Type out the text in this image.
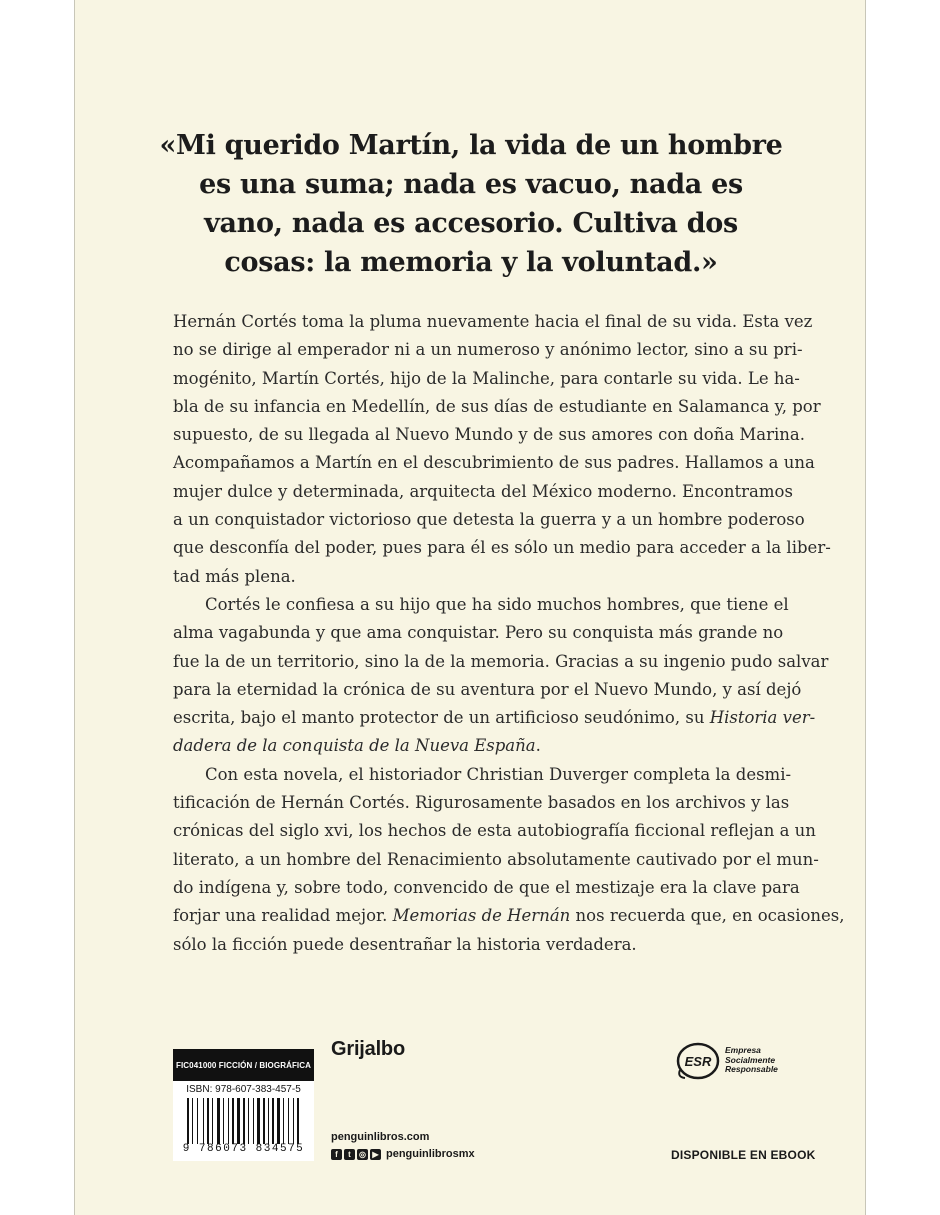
«Mi querido Martín, la vida de un hombre
es una suma; nada es vacuo, nada es
vano, nada es accesorio. Cultiva dos
cosas: la memoria y la voluntad.»
Hernán Cortés toma la pluma nuevamente hacia el final de su vida. Esta vez
no se dirige al emperador ni a un numeroso y anónimo lector, sino a su pri-
mogénito, Martín Cortés, hijo de la Malinche, para contarle su vida. Le ha-
bla de su infancia en Medellín, de sus días de estudiante en Salamanca y, por
supuesto, de su llegada al Nuevo Mundo y de sus amores con doña Marina.
Acompañamos a Martín en el descubrimiento de sus padres. Hallamos a una
mujer dulce y determinada, arquitecta del México moderno. Encontramos
a un conquistador victorioso que detesta la guerra y a un hombre poderoso
que desconfía del poder, pues para él es sólo un medio para acceder a la liber-
tad más plena.
Cortés le confiesa a su hijo que ha sido muchos hombres, que tiene el
alma vagabunda y que ama conquistar. Pero su conquista más grande no
fue la de un territorio, sino la de la memoria. Gracias a su ingenio pudo salvar
para la eternidad la crónica de su aventura por el Nuevo Mundo, y así dejó
escrita, bajo el manto protector de un artificioso seudónimo, su Historia ver-
dadera de la conquista de la Nueva España.
Con esta novela, el historiador Christian Duverger completa la desmi-
tificación de Hernán Cortés. Rigurosamente basados en los archivos y las
crónicas del siglo xvi, los hechos de esta autobiografía ficcional reflejan a un
literato, a un hombre del Renacimiento absolutamente cautivado por el mun-
do indígena y, sobre todo, convencido de que el mestizaje era la clave para
forjar una realidad mejor. Memorias de Hernán nos recuerda que, en ocasiones,
sólo la ficción puede desentrañar la historia verdadera.
FIC041000 FICCIÓN / BIOGRÁFICA
ISBN: 978-607-383-457-5
9 786073 834575
Grijalbo
penguinlibros.com
f	t	◎ ▶ penguinlibrosmx
ESR
Empresa
Socialmente
Responsable
DISPONIBLE EN EBOOK
